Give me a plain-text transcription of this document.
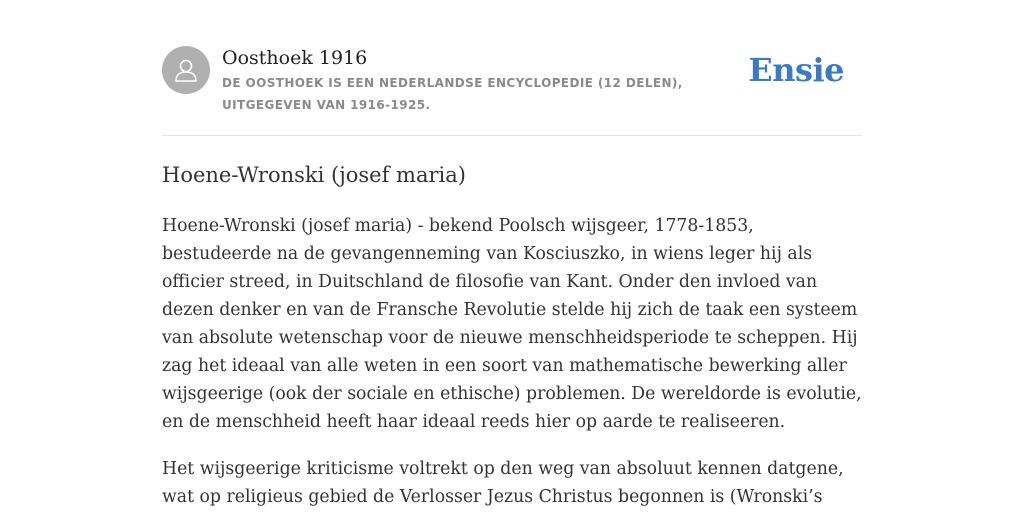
Oosthoek 1916
DE OOSTHOEK IS EEN NEDERLANDSE ENCYCLOPEDIE (12 DELEN), UITGEGEVEN VAN 1916-1925.
Ensie
Hoene-Wronski (josef maria)

Hoene-Wronski (josef maria) - bekend Poolsch wijsgeer, 1778-1853, bestudeerde na de gevangenneming van Kosciuszko, in wiens leger hij als officier streed, in Duitschland de filosofie van Kant. Onder den invloed van dezen denker en van de Fransche Revolutie stelde hij zich de taak een systeem van absolute wetenschap voor de nieuwe menschheidsperiode te scheppen. Hij zag het ideaal van alle weten in een soort van mathematische bewerking aller wijsgeerige (ook der sociale en ethische) problemen. De wereldorde is evolutie, en de menschheid heeft haar ideaal reeds hier op aarde te realiseeren.

Het wijsgeerige kriticisme voltrekt op den weg van absoluut kennen datgene, wat op religieus gebied de Verlosser Jezus Christus begonnen is (Wronski’s
